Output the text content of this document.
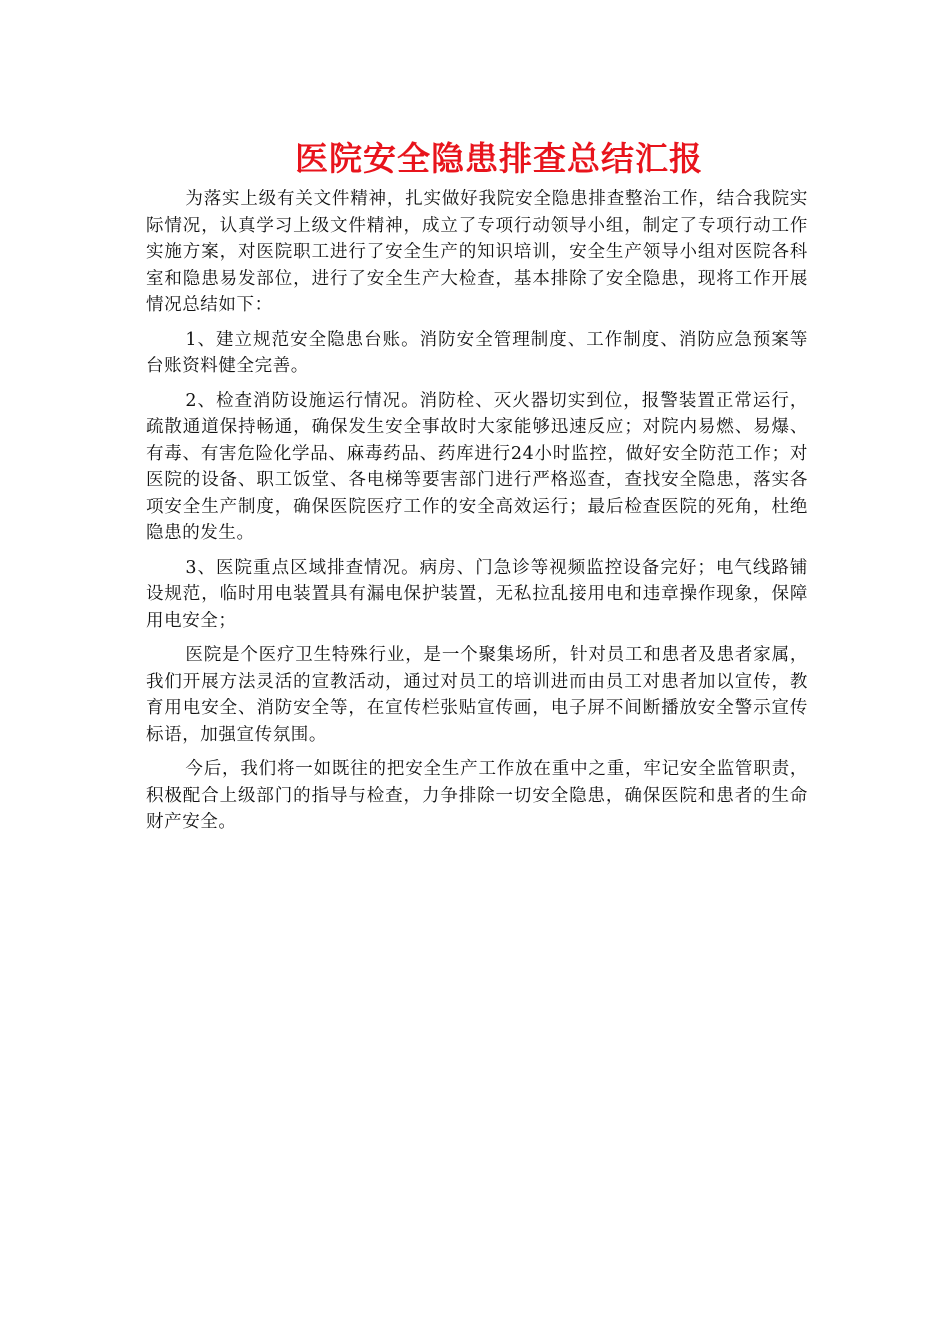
医院安全隐患排查总结汇报

为落实上级有关文件精神，扎实做好我院安全隐患排查整治工作，结合我院实际情况，认真学习上级文件精神，成立了专项行动领导小组，制定了专项行动工作实施方案，对医院职工进行了安全生产的知识培训，安全生产领导小组对医院各科室和隐患易发部位，进行了安全生产大检查，基本排除了安全隐患，现将工作开展情况总结如下：

1、建立规范安全隐患台账。消防安全管理制度、工作制度、消防应急预案等台账资料健全完善。

2、检查消防设施运行情况。消防栓、灭火器切实到位，报警装置正常运行，疏散通道保持畅通，确保发生安全事故时大家能够迅速反应；对院内易燃、易爆、有毒、有害危险化学品、麻毒药品、药库进行24小时监控，做好安全防范工作；对医院的设备、职工饭堂、各电梯等要害部门进行严格巡查，查找安全隐患，落实各项安全生产制度，确保医院医疗工作的安全高效运行；最后检查医院的死角，杜绝隐患的发生。

3、医院重点区域排查情况。病房、门急诊等视频监控设备完好；电气线路铺设规范，临时用电装置具有漏电保护装置，无私拉乱接用电和违章操作现象，保障用电安全；

医院是个医疗卫生特殊行业，是一个聚集场所，针对员工和患者及患者家属，我们开展方法灵活的宣教活动，通过对员工的培训进而由员工对患者加以宣传，教育用电安全、消防安全等，在宣传栏张贴宣传画，电子屏不间断播放安全警示宣传标语，加强宣传氛围。

今后，我们将一如既往的把安全生产工作放在重中之重，牢记安全监管职责，积极配合上级部门的指导与检查，力争排除一切安全隐患，确保医院和患者的生命财产安全。
